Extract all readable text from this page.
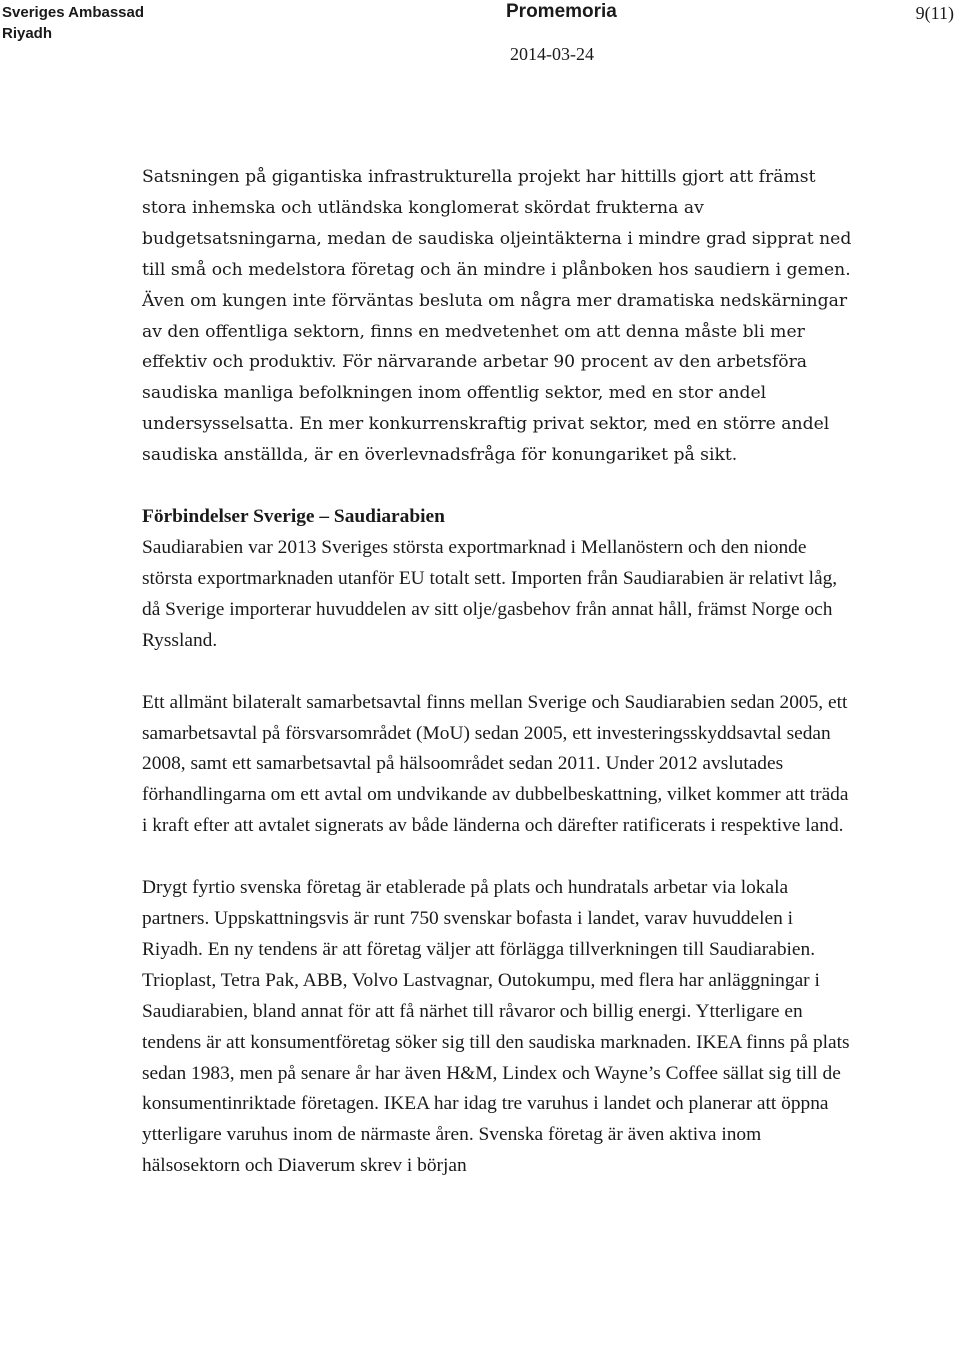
Sveriges Ambassad
Riyadh
Promemoria
2014-03-24
9(11)

Satsningen på gigantiska infrastrukturella projekt har hittills gjort att främst stora inhemska och utländska konglomerat skördat frukterna av budgetsatsningarna, medan de saudiska oljeintäkterna i mindre grad sipprat ned till små och medelstora företag och än mindre i plånboken hos saudiern i gemen. Även om kungen inte förväntas besluta om några mer dramatiska nedskärningar av den offentliga sektorn, finns en medvetenhet om att denna måste bli mer effektiv och produktiv. För närvarande arbetar 90 procent av den arbetsföra saudiska manliga befolkningen inom offentlig sektor, med en stor andel undersysselsatta. En mer konkurrenskraftig privat sektor, med en större andel saudiska anställda, är en överlevnadsfråga för konungariket på sikt.

Förbindelser Sverige – Saudiarabien

Saudiarabien var 2013 Sveriges största exportmarknad i Mellanöstern och den nionde största exportmarknaden utanför EU totalt sett. Importen från Saudiarabien är relativt låg, då Sverige importerar huvuddelen av sitt olje/gasbehov från annat håll, främst Norge och Ryssland.

Ett allmänt bilateralt samarbetsavtal finns mellan Sverige och Saudiarabien sedan 2005, ett samarbetsavtal på försvarsområdet (MoU) sedan 2005, ett investeringsskyddsavtal sedan 2008, samt ett samarbetsavtal på hälsoområdet sedan 2011. Under 2012 avslutades förhandlingarna om ett avtal om undvikande av dubbelbeskattning, vilket kommer att träda i kraft efter att avtalet signerats av både länderna och därefter ratificerats i respektive land.

Drygt fyrtio svenska företag är etablerade på plats och hundratals arbetar via lokala partners. Uppskattningsvis är runt 750 svenskar bofasta i landet, varav huvuddelen i Riyadh. En ny tendens är att företag väljer att förlägga tillverkningen till Saudiarabien. Trioplast, Tetra Pak, ABB, Volvo Lastvagnar, Outokumpu, med flera har anläggningar i Saudiarabien, bland annat för att få närhet till råvaror och billig energi. Ytterligare en tendens är att konsumentföretag söker sig till den saudiska marknaden. IKEA finns på plats sedan 1983, men på senare år har även H&M, Lindex och Wayne’s Coffee sällat sig till de konsumentinriktade företagen. IKEA har idag tre varuhus i landet och planerar att öppna ytterligare varuhus inom de närmaste åren. Svenska företag är även aktiva inom hälsosektorn och Diaverum skrev i början
